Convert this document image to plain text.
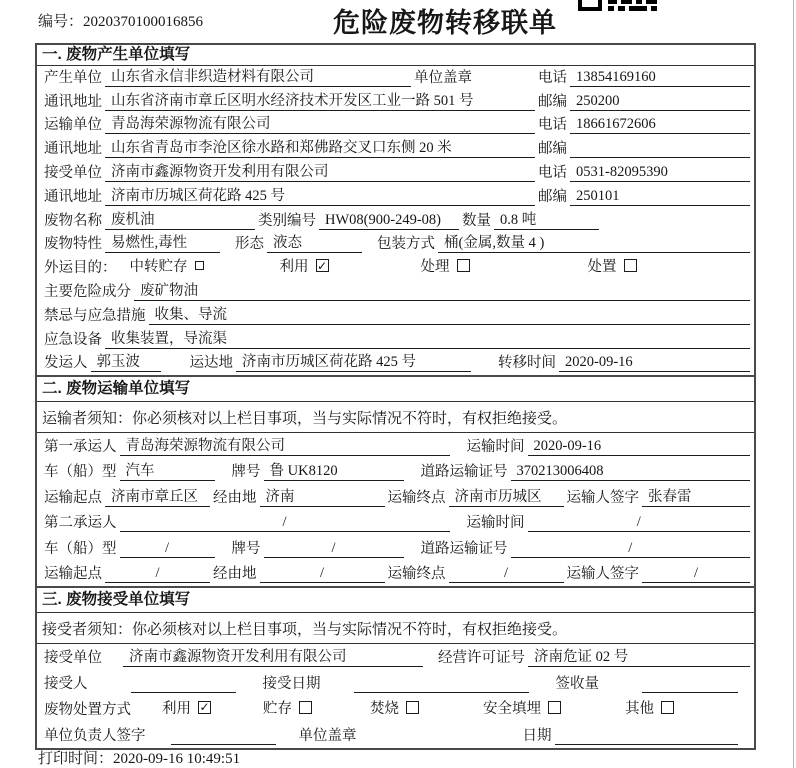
编号：2020370100016856	危险废物转移联单
一. 废物产生单位填写
产生单位 山东省永信非织造材料有限公司	单位盖章	电话 13854169160
通讯地址 山东省济南市章丘区明水经济技术开发区工业一路 501 号	邮编 250200
运输单位 青岛海荣源物流有限公司	电话 18661672606
通讯地址 山东省青岛市李沧区徐水路和郑佛路交叉口东侧 20 米	邮编
接受单位 济南市鑫源物资开发利用有限公司	电话 0531-82095390
通讯地址 济南市历城区荷花路 425 号	邮编 250101
废物名称 废机油	类别编号 HW08(900-249-08)	数量 0.8 吨
废物特性 易燃性,毒性	形态 液态	包装方式 桶(金属,数量 4 )
外运目的： 中转贮存	利用 ✓	处理	处置
主要危险成分 废矿物油
禁忌与应急措施 收集、导流
应急设备 收集装置，导流渠
发运人 郭玉波	运达地 济南市历城区荷花路 425 号	转移时间 2020-09-16
二. 废物运输单位填写
运输者须知：你必须核对以上栏目事项，当与实际情况不符时，有权拒绝接受。
第一承运人 青岛海荣源物流有限公司	运输时间 2020-09-16
车（船）型 汽车	牌号 鲁 UK8120	道路运输证号 370213006408
运输起点 济南市章丘区	经由地 济南	运输终点 济南市历城区	运输人签字 张春雷
第二承运人	/	运输时间	/
车（船）型	/	牌号	/	道路运输证号	/
运输起点	/	经由地	/	运输终点	/	运输人签字	/
三. 废物接受单位填写
接受者须知：你必须核对以上栏目事项，当与实际情况不符时，有权拒绝接受。
接受单位	济南市鑫源物资开发利用有限公司	经营许可证号 济南危证 02 号
接受人	接受日期	签收量
废物处置方式 利用 ✓	贮存	焚烧	安全填埋	其他
单位负责人签字	单位盖章	日期
打印时间：2020-09-16 10:49:51
